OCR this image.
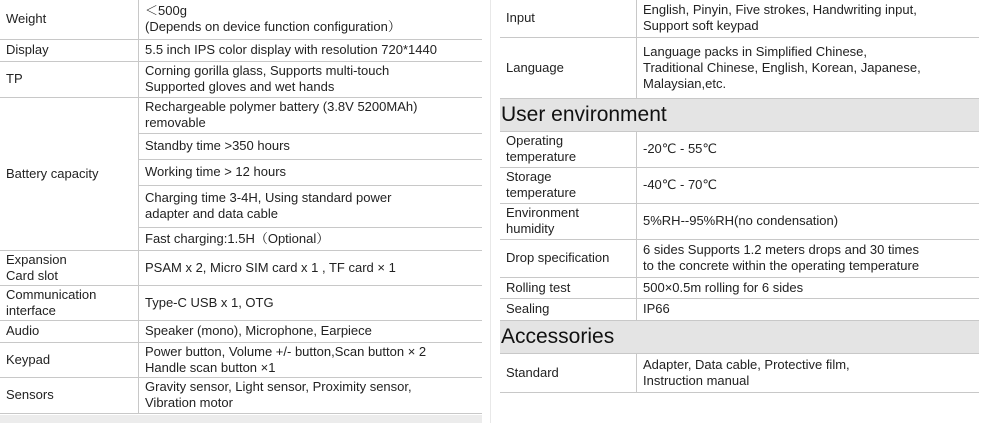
Weight	＜500g
(Depends on device function configuration）

Display	5.5 inch IPS color display with resolution 720*1440
TP	Corning gorilla glass, Supports multi-touch
Supported gloves and wet hands

Battery capacity	Rechargeable polymer battery (3.8V 5200MAh)
removable

	Standby time >350 hours
	Working time > 12 hours

	Charging time 3-4H, Using standard power
adapter and data cable

	Fast charging:1.5H（Optional）

Expansion
Card slot	PSAM x 2, Micro SIM card x 1 , TF card × 1

Communication
interface	Type-C USB x 1, OTG
Audio	Speaker (mono), Microphone, Earpiece
Keypad	Power button, Volume +/- button,Scan button × 2
Handle scan button ×1

Sensors	Gravity sensor, Light sensor, Proximity sensor,
Vibration motor
Input	English, Pinyin, Five strokes, Handwriting input,
Support soft keypad

Language	Language packs in Simplified Chinese,
Traditional Chinese, English, Korean, Japanese,
Malaysian,etc.

User environment	

Operating
temperature	-20℃ - 55℃

Storage
temperature	-40℃ - 70℃

Environment
humidity	5%RH--95%RH(no condensation)
Drop specification	6 sides Supports 1.2 meters drops and 30 times
to the concrete within the operating temperature

Rolling test	500×0.5m rolling for 6 sides
Sealing	IP66
Accessories	
Standard	Adapter, Data cable, Protective film,
Instruction manual
